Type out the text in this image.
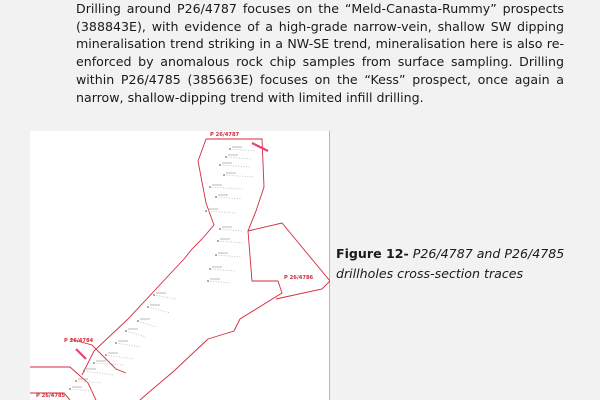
Drilling around P26/4787 focuses on the “Meld-Canasta-Rummy” prospects (388843E), with evidence of a high-grade narrow-vein, shallow SW dipping mineralisation trend striking in a NW-SE trend, mineralisation here is also re-enforced by anomalous rock chip samples from surface sampling. Drilling within P26/4785 (385663E) focuses on the “Kess” prospect, once again a narrow, shallow-dipping trend with limited infill drilling.
P 26/4787
P 26/4786
P 26/4784
P 26/4785
Figure 12- P26/4787 and P26/4785 drillholes cross-section traces
